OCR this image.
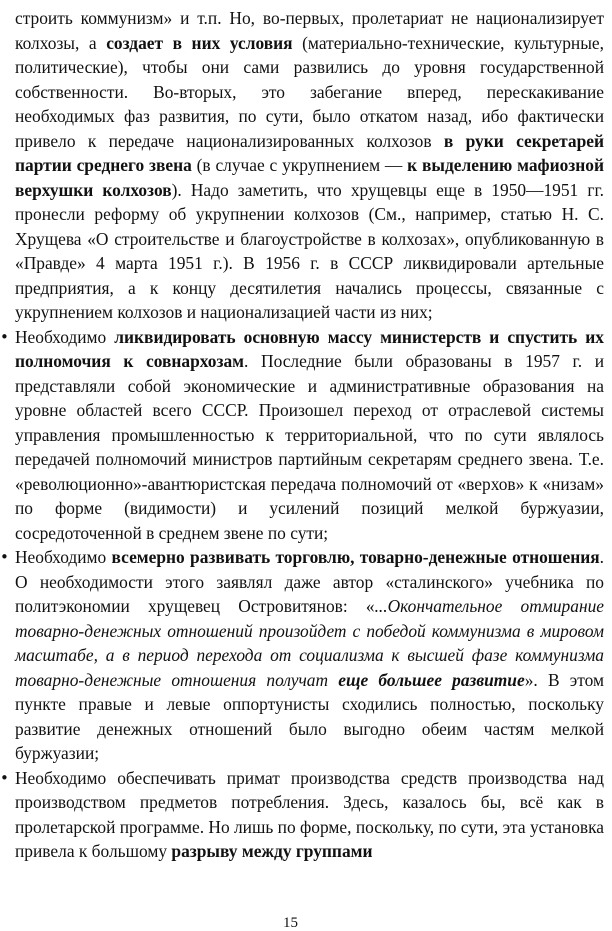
строить коммунизм» и т.п. Но, во-первых, пролетариат не национализирует колхозы, а создает в них условия (материально-технические, культурные, политические), чтобы они сами развились до уровня государственной собственности. Во-вторых, это забегание вперед, перескакивание необходимых фаз развития, по сути, было откатом назад, ибо фактически привело к передаче национализированных колхозов в руки секретарей партии среднего звена (в случае с укрупнением — к выделению мафиозной верхушки колхозов). Надо заметить, что хрущевцы еще в 1950—1951 гг. пронесли реформу об укрупнении колхозов (См., например, статью Н. С. Хрущева «О строительстве и благоустройстве в колхозах», опубликованную в «Правде» 4 марта 1951 г.). В 1956 г. в СССР ликвидировали артельные предприятия, а к концу десятилетия начались процессы, связанные с укрупнением колхозов и национализацией части из них;

• Необходимо ликвидировать основную массу министерств и спустить их полномочия к совнархозам. Последние были образованы в 1957 г. и представляли собой экономические и административные образования на уровне областей всего СССР. Произошел переход от отраслевой системы управления промышленностью к территориальной, что по сути являлось передачей полномочий министров партийным секретарям среднего звена. Т.е. «революционно»-авантюристская передача полномочий от «верхов» к «низам» по форме (видимости) и усилений позиций мелкой буржуазии, сосредоточенной в среднем звене по сути;
• Необходимо всемерно развивать торговлю, товарно-денежные отношения. О необходимости этого заявлял даже автор «сталинского» учебника по политэкономии хрущевец Островитянов: «...Окончательное отмирание товарно-денежных отношений произойдет с победой коммунизма в мировом масштабе, а в период перехода от социализма к высшей фазе коммунизма товарно-денежные отношения получат еще большее развитие». В этом пункте правые и левые оппортунисты сходились полностью, поскольку развитие денежных отношений было выгодно обеим частям мелкой буржуазии;
• Необходимо обеспечивать примат производства средств производства над производством предметов потребления. Здесь, казалось бы, всё как в пролетарской программе. Но лишь по форме, поскольку, по сути, эта установка привела к большому разрыву между группами
15
